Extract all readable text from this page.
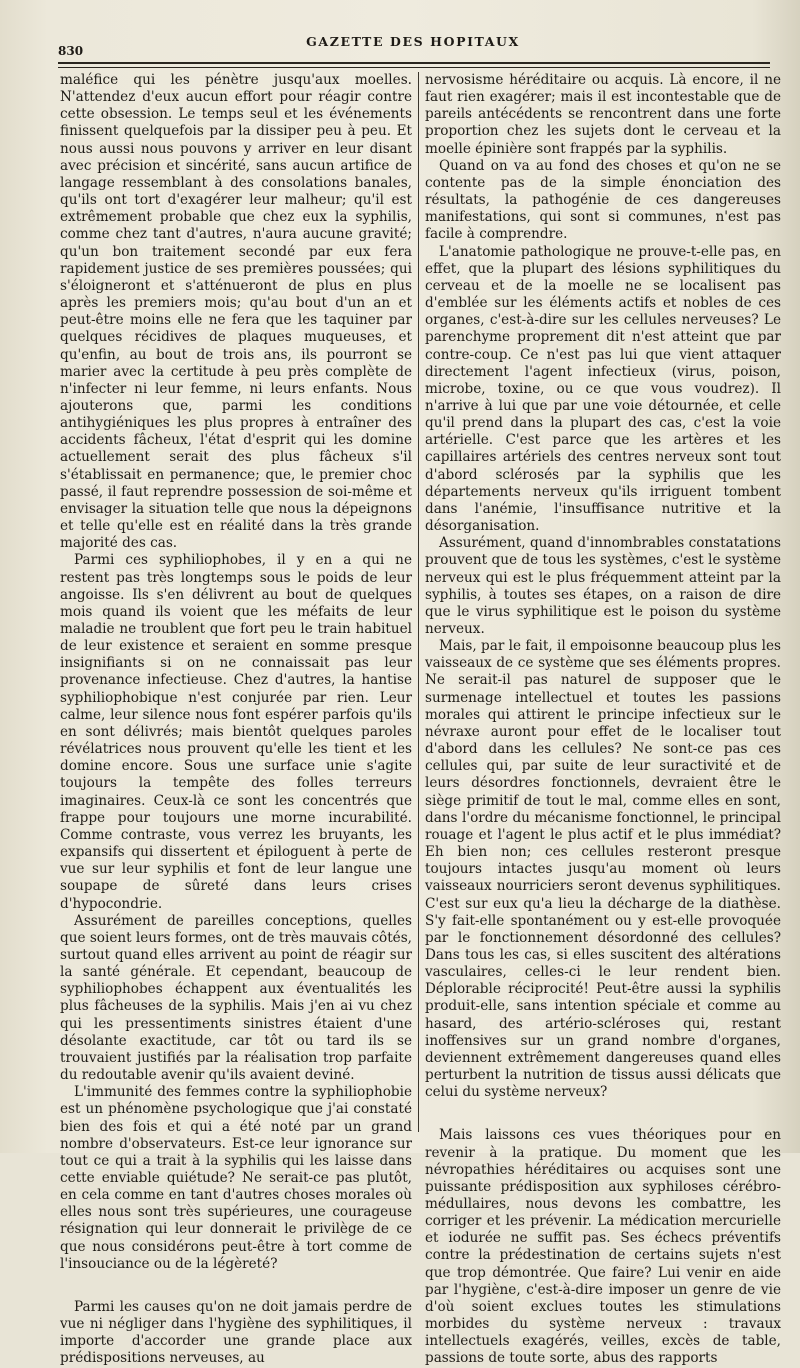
830
GAZETTE DES HOPITAUX

maléfice qui les pénètre jusqu'aux moelles. N'attendez d'eux aucun effort pour réagir contre cette obsession. Le temps seul et les événements finissent quelquefois par la dissiper peu à peu. Et nous aussi nous pouvons y arriver en leur disant avec précision et sincérité, sans aucun artifice de langage ressemblant à des consolations banales, qu'ils ont tort d'exagérer leur malheur; qu'il est extrêmement probable que chez eux la syphilis, comme chez tant d'autres, n'aura aucune gravité; qu'un bon traitement secondé par eux fera rapidement justice de ses premières poussées; qui s'éloigneront et s'atténueront de plus en plus après les premiers mois; qu'au bout d'un an et peut-être moins elle ne fera que les taquiner par quelques récidives de plaques muqueuses, et qu'enfin, au bout de trois ans, ils pourront se marier avec la certitude à peu près complète de n'infecter ni leur femme, ni leurs enfants. Nous ajouterons que, parmi les conditions antihygiéniques les plus propres à entraîner des accidents fâcheux, l'état d'esprit qui les domine actuellement serait des plus fâcheux s'il s'établissait en permanence; que, le premier choc passé, il faut reprendre possession de soi-même et envisager la situation telle que nous la dépeignons et telle qu'elle est en réalité dans la très grande majorité des cas.

Parmi ces syphiliophobes, il y en a qui ne restent pas très longtemps sous le poids de leur angoisse. Ils s'en délivrent au bout de quelques mois quand ils voient que les méfaits de leur maladie ne troublent que fort peu le train habituel de leur existence et seraient en somme presque insignifiants si on ne connaissait pas leur provenance infectieuse. Chez d'autres, la hantise syphiliophobique n'est conjurée par rien. Leur calme, leur silence nous font espérer parfois qu'ils en sont délivrés; mais bientôt quelques paroles révélatrices nous prouvent qu'elle les tient et les domine encore. Sous une surface unie s'agite toujours la tempête des folles terreurs imaginaires. Ceux-là ce sont les concentrés que frappe pour toujours une morne incurabilité. Comme contraste, vous verrez les bruyants, les expansifs qui dissertent et épiloguent à perte de vue sur leur syphilis et font de leur langue une soupape de sûreté dans leurs crises d'hypocondrie.

Assurément de pareilles conceptions, quelles que soient leurs formes, ont de très mauvais côtés, surtout quand elles arrivent au point de réagir sur la santé générale. Et cependant, beaucoup de syphiliophobes échappent aux éventualités les plus fâcheuses de la syphilis. Mais j'en ai vu chez qui les pressentiments sinistres étaient d'une désolante exactitude, car tôt ou tard ils se trouvaient justifiés par la réalisation trop parfaite du redoutable avenir qu'ils avaient deviné.

L'immunité des femmes contre la syphiliophobie est un phénomène psychologique que j'ai constaté bien des fois et qui a été noté par un grand nombre d'observateurs. Est-ce leur ignorance sur tout ce qui a trait à la syphilis qui les laisse dans cette enviable quiétude? Ne serait-ce pas plutôt, en cela comme en tant d'autres choses morales où elles nous sont très supérieures, une courageuse résignation qui leur donnerait le privilège de ce que nous considérons peut-être à tort comme de l'insouciance ou de la légèreté?

Parmi les causes qu'on ne doit jamais perdre de vue ni négliger dans l'hygiène des syphilitiques, il importe d'accorder une grande place aux prédispositions nerveuses, au

nervosisme héréditaire ou acquis. Là encore, il ne faut rien exagérer; mais il est incontestable que de pareils antécédents se rencontrent dans une forte proportion chez les sujets dont le cerveau et la moelle épinière sont frappés par la syphilis.

Quand on va au fond des choses et qu'on ne se contente pas de la simple énonciation des résultats, la pathogénie de ces dangereuses manifestations, qui sont si communes, n'est pas facile à comprendre.

L'anatomie pathologique ne prouve-t-elle pas, en effet, que la plupart des lésions syphilitiques du cerveau et de la moelle ne se localisent pas d'emblée sur les éléments actifs et nobles de ces organes, c'est-à-dire sur les cellules nerveuses? Le parenchyme proprement dit n'est atteint que par contre-coup. Ce n'est pas lui que vient attaquer directement l'agent infectieux (virus, poison, microbe, toxine, ou ce que vous voudrez). Il n'arrive à lui que par une voie détournée, et celle qu'il prend dans la plupart des cas, c'est la voie artérielle. C'est parce que les artères et les capillaires artériels des centres nerveux sont tout d'abord sclérosés par la syphilis que les départements nerveux qu'ils irriguent tombent dans l'anémie, l'insuffisance nutritive et la désorganisation.

Assurément, quand d'innombrables constatations prouvent que de tous les systèmes, c'est le système nerveux qui est le plus fréquemment atteint par la syphilis, à toutes ses étapes, on a raison de dire que le virus syphilitique est le poison du système nerveux.

Mais, par le fait, il empoisonne beaucoup plus les vaisseaux de ce système que ses éléments propres. Ne serait-il pas naturel de supposer que le surmenage intellectuel et toutes les passions morales qui attirent le principe infectieux sur le névraxe auront pour effet de le localiser tout d'abord dans les cellules? Ne sont-ce pas ces cellules qui, par suite de leur suractivité et de leurs désordres fonctionnels, devraient être le siège primitif de tout le mal, comme elles en sont, dans l'ordre du mécanisme fonctionnel, le principal rouage et l'agent le plus actif et le plus immédiat? Eh bien non; ces cellules resteront presque toujours intactes jusqu'au moment où leurs vaisseaux nourriciers seront devenus syphilitiques. C'est sur eux qu'a lieu la décharge de la diathèse. S'y fait-elle spontanément ou y est-elle provoquée par le fonctionnement désordonné des cellules? Dans tous les cas, si elles suscitent des altérations vasculaires, celles-ci le leur rendent bien. Déplorable réciprocité! Peut-être aussi la syphilis produit-elle, sans intention spéciale et comme au hasard, des artério-scléroses qui, restant inoffensives sur un grand nombre d'organes, deviennent extrêmement dangereuses quand elles perturbent la nutrition de tissus aussi délicats que celui du système nerveux?

Mais laissons ces vues théoriques pour en revenir à la pratique. Du moment que les névropathies héréditaires ou acquises sont une puissante prédisposition aux syphiloses cérébro-médullaires, nous devons les combattre, les corriger et les prévenir. La médication mercurielle et iodurée ne suffit pas. Ses échecs préventifs contre la prédestination de certains sujets n'est que trop démontrée. Que faire? Lui venir en aide par l'hygiène, c'est-à-dire imposer un genre de vie d'où soient exclues toutes les stimulations morbides du système nerveux : travaux intellectuels exagérés, veilles, excès de table, passions de toute sorte, abus des rapports
